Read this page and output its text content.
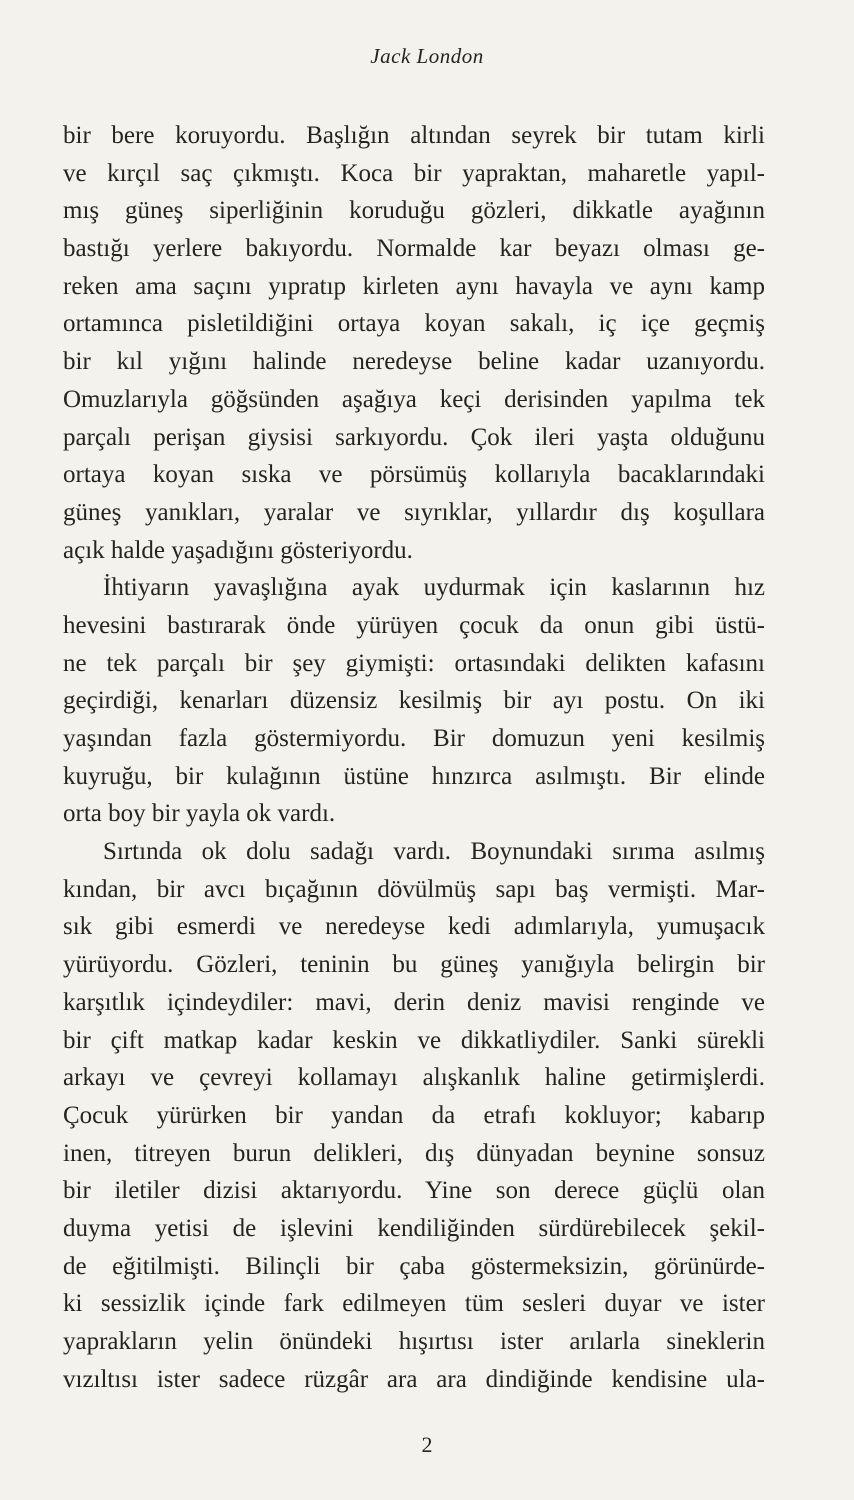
Jack London

bir bere koruyordu. Başlığın altından seyrek bir tutam kirli
ve kırçıl saç çıkmıştı. Koca bir yapraktan, maharetle yapıl-
mış güneş siperliğinin koruduğu gözleri, dikkatle ayağının
bastığı yerlere bakıyordu. Normalde kar beyazı olması ge-
reken ama saçını yıpratıp kirleten aynı havayla ve aynı kamp
ortamınca pisletildiğini ortaya koyan sakalı, iç içe geçmiş
bir kıl yığını halinde neredeyse beline kadar uzanıyordu.
Omuzlarıyla göğsünden aşağıya keçi derisinden yapılma tek
parçalı perişan giysisi sarkıyordu. Çok ileri yaşta olduğunu
ortaya koyan sıska ve pörsümüş kollarıyla bacaklarındaki
güneş yanıkları, yaralar ve sıyrıklar, yıllardır dış koşullara
açık halde yaşadığını gösteriyordu.

İhtiyarın yavaşlığına ayak uydurmak için kaslarının hız
hevesini bastırarak önde yürüyen çocuk da onun gibi üstü-
ne tek parçalı bir şey giymişti: ortasındaki delikten kafasını
geçirdiği, kenarları düzensiz kesilmiş bir ayı postu. On iki
yaşından fazla göstermiyordu. Bir domuzun yeni kesilmiş
kuyruğu, bir kulağının üstüne hınzırca asılmıştı. Bir elinde
orta boy bir yayla ok vardı.

Sırtında ok dolu sadağı vardı. Boynundaki sırıma asılmış
kından, bir avcı bıçağının dövülmüş sapı baş vermişti. Mar-
sık gibi esmerdi ve neredeyse kedi adımlarıyla, yumuşacık
yürüyordu. Gözleri, teninin bu güneş yanığıyla belirgin bir
karşıtlık içindeydiler: mavi, derin deniz mavisi renginde ve
bir çift matkap kadar keskin ve dikkatliydiler. Sanki sürekli
arkayı ve çevreyi kollamayı alışkanlık haline getirmişlerdi.
Çocuk yürürken bir yandan da etrafı kokluyor; kabarıp
inen, titreyen burun delikleri, dış dünyadan beynine sonsuz
bir iletiler dizisi aktarıyordu. Yine son derece güçlü olan
duyma yetisi de işlevini kendiliğinden sürdürebilecek şekil-
de eğitilmişti. Bilinçli bir çaba göstermeksizin, görünürde-
ki sessizlik içinde fark edilmeyen tüm sesleri duyar ve ister
yaprakların yelin önündeki hışırtısı ister arılarla sineklerin
vızıltısı ister sadece rüzgâr ara ara dindiğinde kendisine ula-

2
